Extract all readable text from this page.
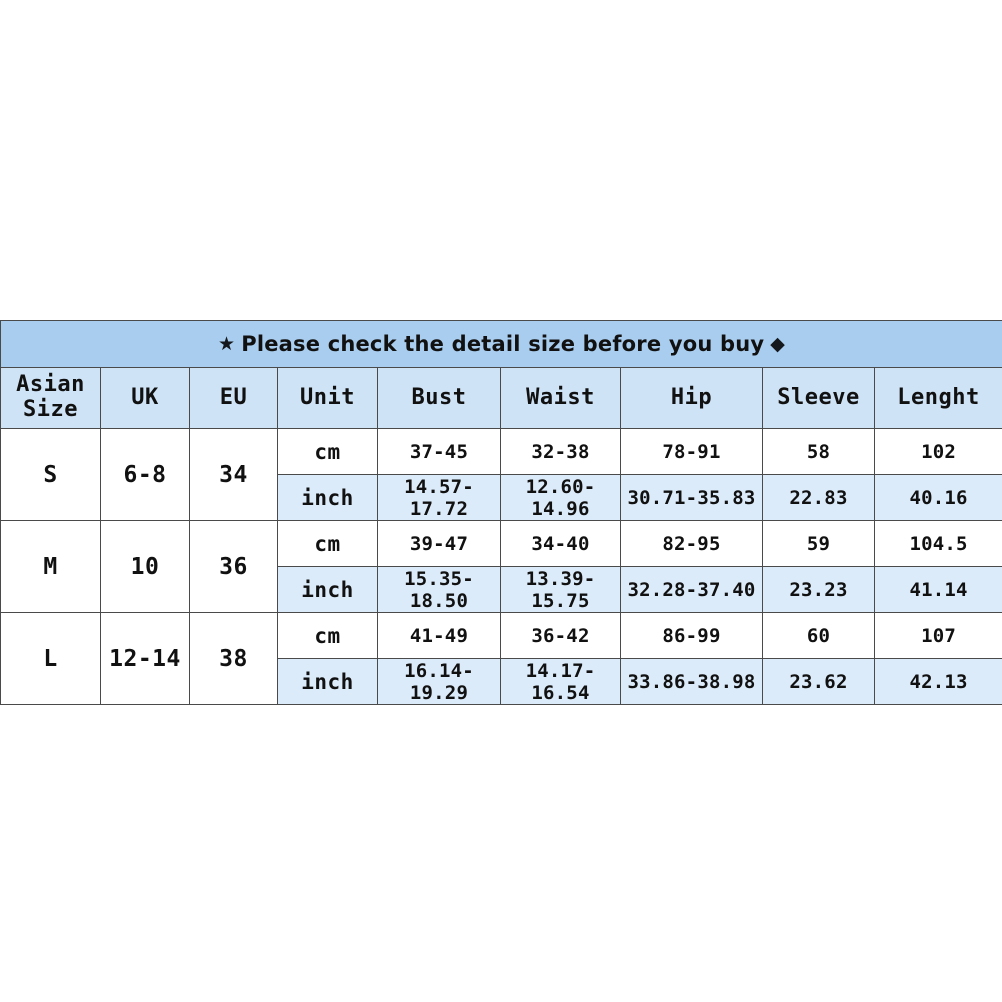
★ Please check the detail size before you buy ◆								

Asian
Size	UK	EU	Unit	Bust	Waist	Hip	Sleeve	Lenght
S	6-8	34	cm	37-45	32-38	78-91	58	102
			inch	14.57-17.72	12.60-14.96	30.71-35.83	22.83	40.16
M	10	36	cm	39-47	34-40	82-95	59	104.5
			inch	15.35-18.50	13.39-15.75	32.28-37.40	23.23	41.14
L	12-14	38	cm	41-49	36-42	86-99	60	107
			inch	16.14-19.29	14.17-16.54	33.86-38.98	23.62	42.13
